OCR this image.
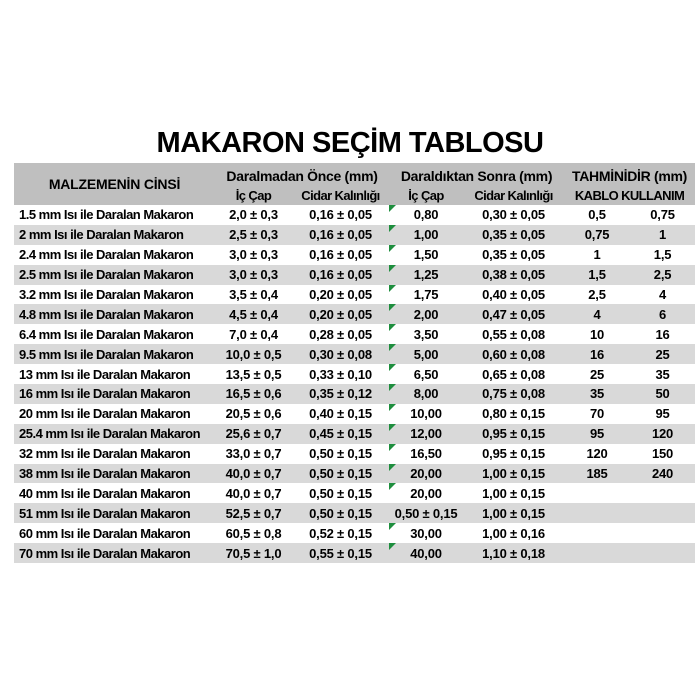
MAKARON SEÇİM TABLOSU
MALZEMENİN CİNSİ	Daralmadan Önce (mm)		Daraldıktan Sonra (mm)		TAHMİNİDİR (mm)	
	İç Çap	Cidar Kalınlığı	İç Çap	Cidar Kalınlığı	KABLO KULLANIM	
1.5 mm Isı ile Daralan Makaron	2,0 ± 0,3	0,16 ± 0,05	0,80	0,30 ± 0,05	0,5	0,75
2 mm Isı ile Daralan Makaron	2,5 ± 0,3	0,16 ± 0,05	1,00	0,35 ± 0,05	0,75	1
2.4 mm Isı ile Daralan Makaron	3,0 ± 0,3	0,16 ± 0,05	1,50	0,35 ± 0,05	1	1,5
2.5 mm Isı ile Daralan Makaron	3,0 ± 0,3	0,16 ± 0,05	1,25	0,38 ± 0,05	1,5	2,5
3.2 mm Isı ile Daralan Makaron	3,5 ± 0,4	0,20 ± 0,05	1,75	0,40 ± 0,05	2,5	4
4.8 mm Isı ile Daralan Makaron	4,5 ± 0,4	0,20 ± 0,05	2,00	0,47 ± 0,05	4	6
6.4 mm Isı ile Daralan Makaron	7,0 ± 0,4	0,28 ± 0,05	3,50	0,55 ± 0,08	10	16
9.5 mm Isı ile Daralan Makaron	10,0 ± 0,5	0,30 ± 0,08	5,00	0,60 ± 0,08	16	25
13 mm Isı ile Daralan Makaron	13,5 ± 0,5	0,33 ± 0,10	6,50	0,65 ± 0,08	25	35
16 mm Isı ile Daralan Makaron	16,5 ± 0,6	0,35 ± 0,12	8,00	0,75 ± 0,08	35	50
20 mm Isı ile Daralan Makaron	20,5 ± 0,6	0,40 ± 0,15	10,00	0,80 ± 0,15	70	95
25.4 mm Isı ile Daralan Makaron	25,6 ± 0,7	0,45 ± 0,15	12,00	0,95 ± 0,15	95	120
32 mm Isı ile Daralan Makaron	33,0 ± 0,7	0,50 ± 0,15	16,50	0,95 ± 0,15	120	150
38 mm Isı ile Daralan Makaron	40,0 ± 0,7	0,50 ± 0,15	20,00	1,00 ± 0,15	185	240
40 mm Isı ile Daralan Makaron	40,0 ± 0,7	0,50 ± 0,15	20,00	1,00 ± 0,15		
51 mm Isı ile Daralan Makaron	52,5 ± 0,7	0,50 ± 0,15	0,50 ± 0,15	1,00 ± 0,15		
60 mm Isı ile Daralan Makaron	60,5 ± 0,8	0,52 ± 0,15	30,00	1,00 ± 0,16		
70 mm Isı ile Daralan Makaron	70,5 ± 1,0	0,55 ± 0,15	40,00	1,10 ± 0,18		
